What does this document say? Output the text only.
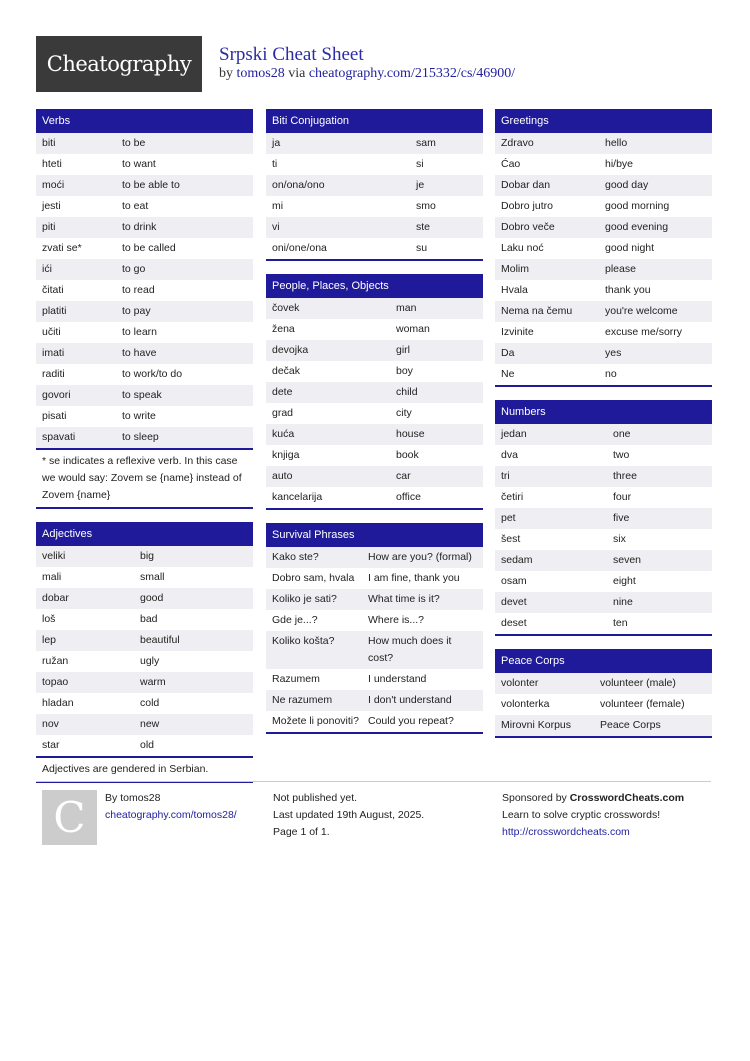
Cheatography	Srpski Cheat Sheet
by tomos28 via cheatography.com/215332/cs/46900/
Verbs
biti	to be
hteti	to want
moći	to be able to
jesti	to eat
piti	to drink
zvati se*	to be called
ići	to go
čitati	to read
platiti	to pay
učiti	to learn
imati	to have
raditi	to work/to do
govori	to speak
pisati	to write
spavati	to sleep
* se indicates a reflexive verb. In this case we would say: Zovem se {name} instead of Zovem {name}
Adjectives
veliki	big
mali	small
dobar	good
loš	bad
lep	beautiful
ružan	ugly
topao	warm
hladan	cold
nov	new
star	old
Adjectives are gendered in Serbian.
Biti Conjugation
ja	sam
ti	si
on/ona/ono	je
mi	smo
vi	ste
oni/one/ona	su
People, Places, Objects
čovek	man
žena	woman
devojka	girl
dečak	boy
dete	child
grad	city
kuća	house
knjiga	book
auto	car
kancelarija	office
Survival Phrases
Kako ste?	How are you? (formal)
Dobro sam, hvala	I am fine, thank you
Koliko je sati?	What time is it?
Gde je...?	Where is...?
Koliko košta?	How much does it cost?
Razumem	I understand
Ne razumem	I don't understand
Možete li ponoviti? Could you repeat?
Greetings
Zdravo	hello
Ćao	hi/bye
Dobar dan	good day
Dobro jutro	good morning
Dobro veče	good evening
Laku noć	good night
Molim	please
Hvala	thank you
Nema na čemu	you're welcome
Izvinite	excuse me/sorry
Da	yes
Ne	no
Numbers
jedan	one
dva	two
tri	three
četiri	four
pet	five
šest	six
sedam	seven
osam	eight
devet	nine
deset	ten
Peace Corps
volonter	volunteer (male)
volonterka	volunteer (female)
Mirovni Korpus	Peace Corps
C	By tomos28
cheatography.com/tomos28/
Not published yet.
Last updated 19th August, 2025.
Page 1 of 1.
Sponsored by CrosswordCheats.com
Learn to solve cryptic crosswords!
http://crosswordcheats.com
